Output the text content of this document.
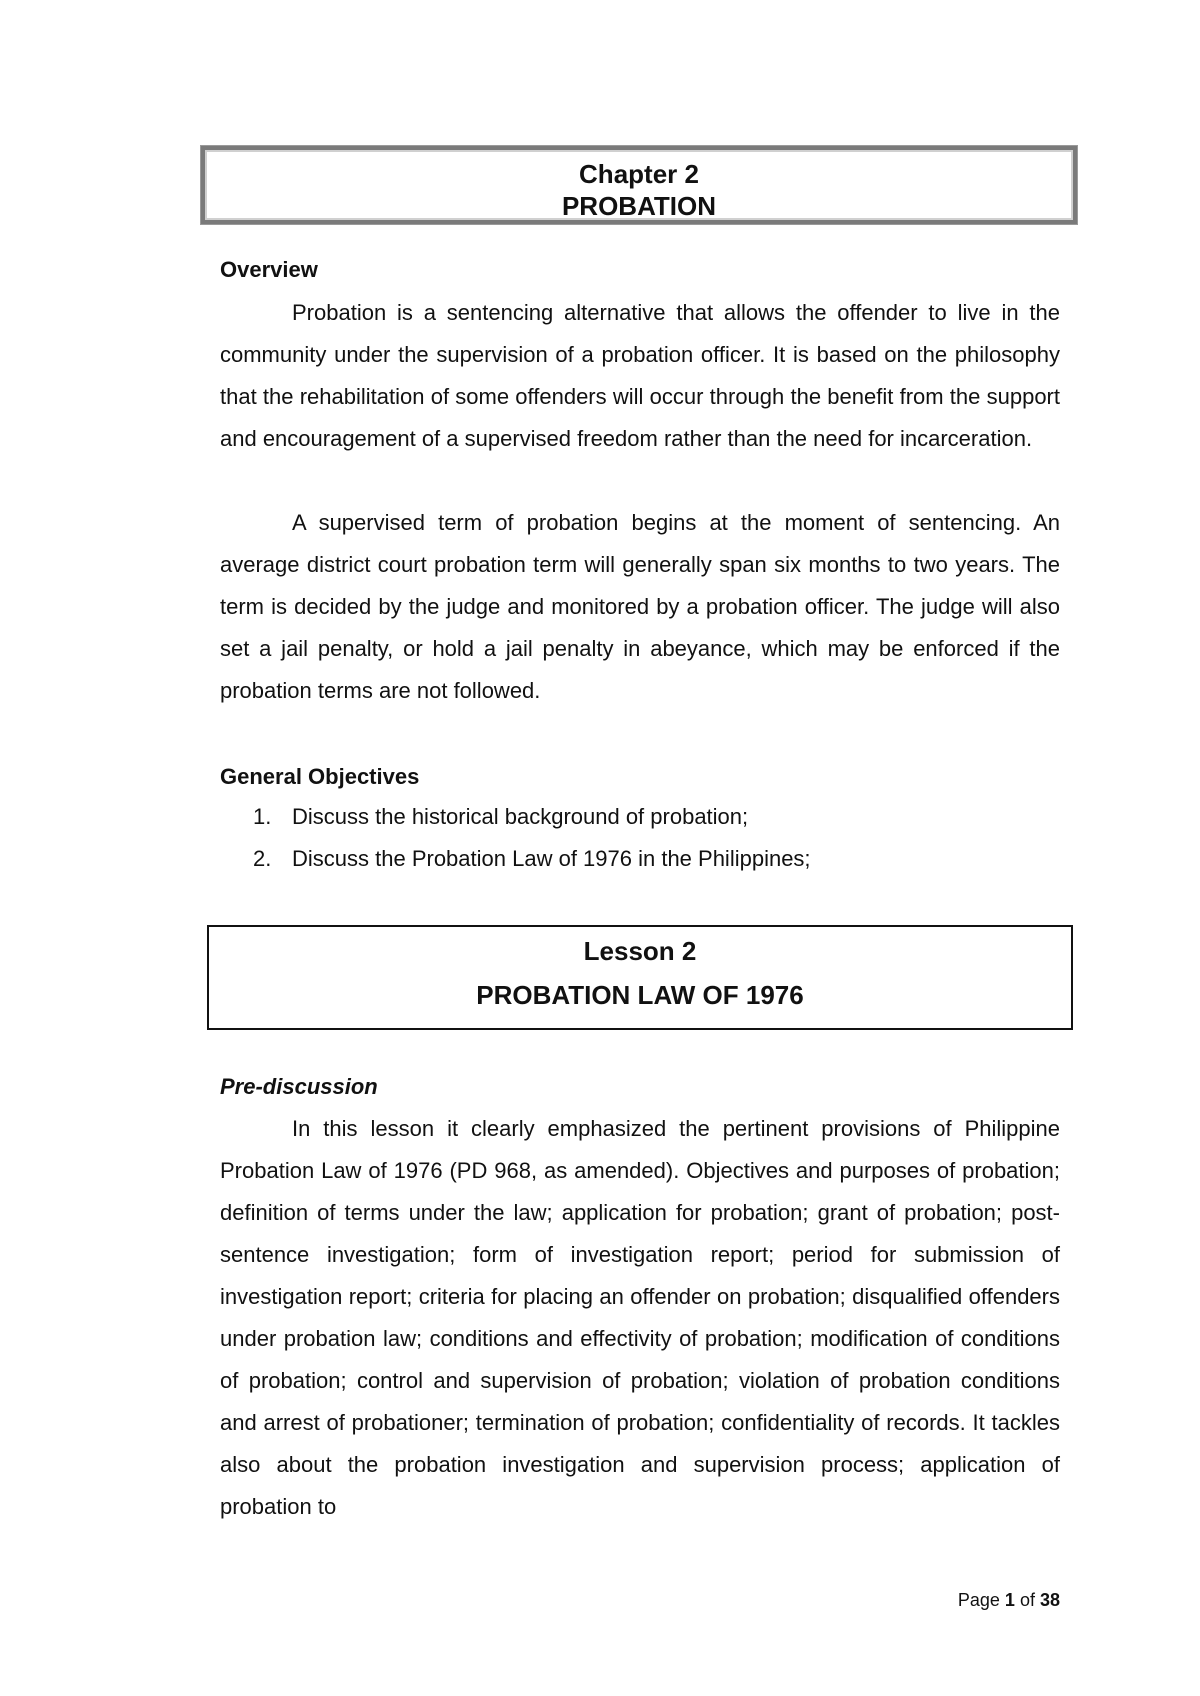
Chapter 2
PROBATION
Overview

Probation is a sentencing alternative that allows the offender to live in the community under the supervision of a probation officer. It is based on the philosophy that the rehabilitation of some offenders will occur through the benefit from the support and encouragement of a supervised freedom rather than the need for incarceration.

A supervised term of probation begins at the moment of sentencing. An average district court probation term will generally span six months to two years. The term is decided by the judge and monitored by a probation officer. The judge will also set a jail penalty, or hold a jail penalty in abeyance, which may be enforced if the probation terms are not followed.

General Objectives
1. Discuss the historical background of probation;
2. Discuss the Probation Law of 1976 in the Philippines;
Lesson 2
PROBATION LAW OF 1976
Pre-discussion

In this lesson it clearly emphasized the pertinent provisions of Philippine Probation Law of 1976 (PD 968, as amended). Objectives and purposes of probation; definition of terms under the law; application for probation; grant of probation; post-sentence investigation; form of investigation report; period for submission of investigation report; criteria for placing an offender on probation; disqualified offenders under probation law; conditions and effectivity of probation; modification of conditions of probation; control and supervision of probation; violation of probation conditions and arrest of probationer; termination of probation; confidentiality of records. It tackles also about the probation investigation and supervision process; application of probation to

Page 1 of 38
